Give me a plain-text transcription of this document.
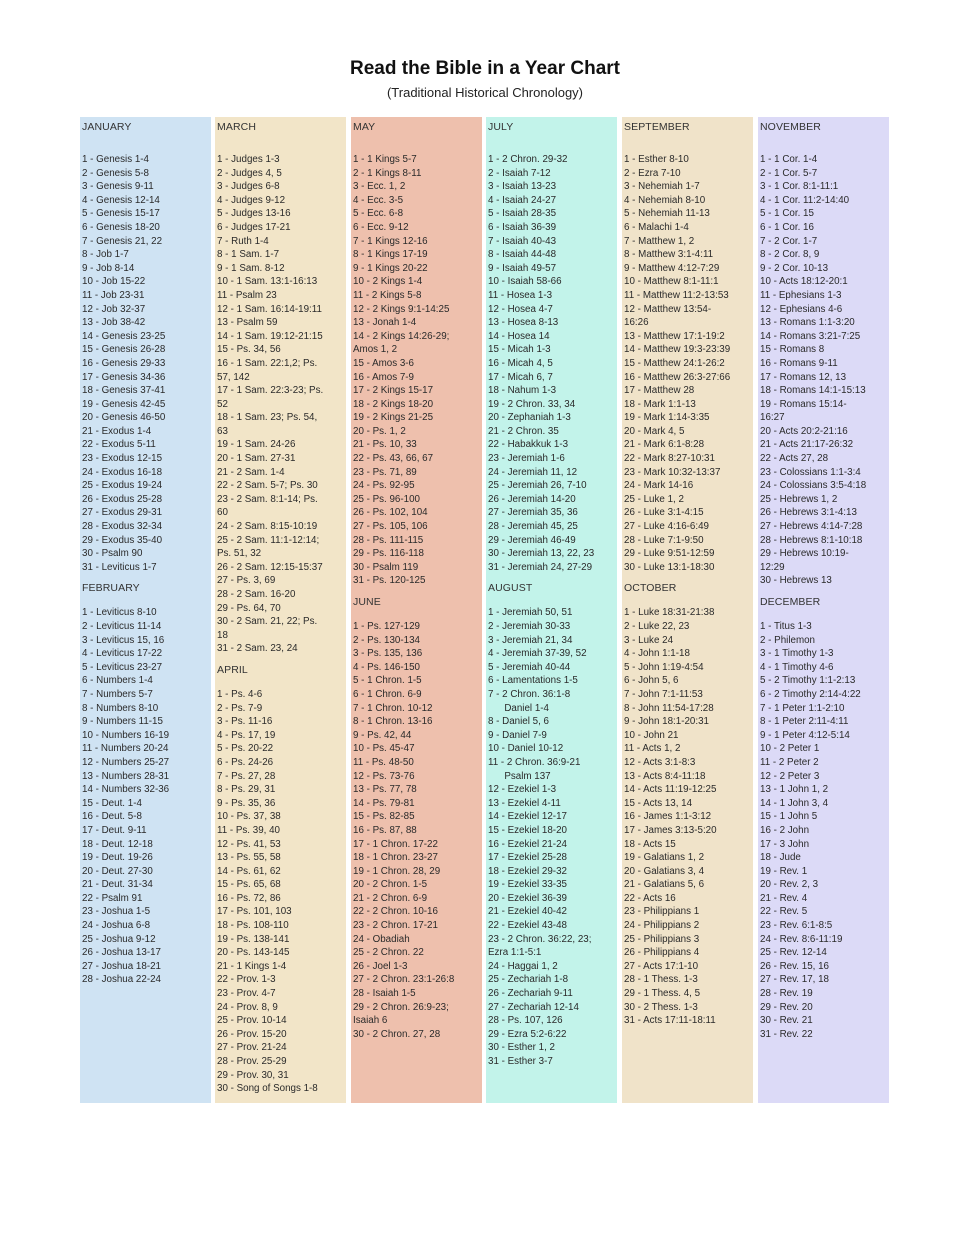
Read the Bible in a Year Chart
(Traditional Historical Chronology)
JANUARY
1 - Genesis 1-4
2 - Genesis 5-8
3 - Genesis 9-11
4 - Genesis 12-14
5 - Genesis 15-17
6 - Genesis 18-20
7 - Genesis 21, 22
8 - Job 1-7
9 - Job 8-14
10 - Job 15-22
11 - Job 23-31
12 - Job 32-37
13 - Job 38-42
14 - Genesis 23-25
15 - Genesis 26-28
16 - Genesis 29-33
17 - Genesis 34-36
18 - Genesis 37-41
19 - Genesis 42-45
20 - Genesis 46-50
21 - Exodus 1-4
22 - Exodus 5-11
23 - Exodus 12-15
24 - Exodus 16-18
25 - Exodus 19-24
26 - Exodus 25-28
27 - Exodus 29-31
28 - Exodus 32-34
29 - Exodus 35-40
30 - Psalm 90
31 - Leviticus 1-7
FEBRUARY
1 - Leviticus 8-10
2 - Leviticus 11-14
3 - Leviticus 15, 16
4 - Leviticus 17-22
5 - Leviticus 23-27
6 - Numbers 1-4
7 - Numbers 5-7
8 - Numbers 8-10
9 - Numbers 11-15
10 - Numbers 16-19
11 - Numbers 20-24
12 - Numbers 25-27
13 - Numbers 28-31
14 - Numbers 32-36
15 - Deut. 1-4
16 - Deut. 5-8
17 - Deut. 9-11
18 - Deut. 12-18
19 - Deut. 19-26
20 - Deut. 27-30
21 - Deut. 31-34
22 - Psalm 91
23 - Joshua 1-5
24 - Joshua 6-8
25 - Joshua 9-12
26 - Joshua 13-17
27 - Joshua 18-21
28 - Joshua 22-24
MARCH
1 - Judges 1-3
2 - Judges 4, 5
3 - Judges 6-8
4 - Judges 9-12
5 - Judges 13-16
6 - Judges 17-21
7 - Ruth 1-4
8 - 1 Sam. 1-7
9 - 1 Sam. 8-12
10 - 1 Sam. 13:1-16:13
11 - Psalm 23
12 - 1 Sam. 16:14-19:11
13 - Psalm 59
14 - 1 Sam. 19:12-21:15
15 - Ps. 34, 56
16 - 1 Sam. 22:1,2; Ps.
57, 142
17 - 1 Sam. 22:3-23; Ps.
52
18 - 1 Sam. 23; Ps. 54,
63
19 - 1 Sam. 24-26
20 - 1 Sam. 27-31
21 - 2 Sam. 1-4
22 - 2 Sam. 5-7; Ps. 30
23 - 2 Sam. 8:1-14; Ps.
60
24 - 2 Sam. 8:15-10:19
25 - 2 Sam. 11:1-12:14;
Ps. 51, 32
26 - 2 Sam. 12:15-15:37
27 - Ps. 3, 69
28 - 2 Sam. 16-20
29 - Ps. 64, 70
30 - 2 Sam. 21, 22; Ps.
18
31 - 2 Sam. 23, 24
APRIL
1 - Ps. 4-6
2 - Ps. 7-9
3 - Ps. 11-16
4 - Ps. 17, 19
5 - Ps. 20-22
6 - Ps. 24-26
7 - Ps. 27, 28
8 - Ps. 29, 31
9 - Ps. 35, 36
10 - Ps. 37, 38
11 - Ps. 39, 40
12 - Ps. 41, 53
13 - Ps. 55, 58
14 - Ps. 61, 62
15 - Ps. 65, 68
16 - Ps. 72, 86
17 - Ps. 101, 103
18 - Ps. 108-110
19 - Ps. 138-141
20 - Ps. 143-145
21 - 1 Kings 1-4
22 - Prov. 1-3
23 - Prov. 4-7
24 - Prov. 8, 9
25 - Prov. 10-14
26 - Prov. 15-20
27 - Prov. 21-24
28 - Prov. 25-29
29 - Prov. 30, 31
30 - Song of Songs 1-8
MAY
1 - 1 Kings 5-7
2 - 1 Kings 8-11
3 - Ecc. 1, 2
4 - Ecc. 3-5
5 - Ecc. 6-8
6 - Ecc. 9-12
7 - 1 Kings 12-16
8 - 1 Kings 17-19
9 - 1 Kings 20-22
10 - 2 Kings 1-4
11 - 2 Kings 5-8
12 - 2 Kings 9:1-14:25
13 - Jonah 1-4
14 - 2 Kings 14:26-29;
Amos 1, 2
15 - Amos 3-6
16 - Amos 7-9
17 - 2 Kings 15-17
18 - 2 Kings 18-20
19 - 2 Kings 21-25
20 - Ps. 1, 2
21 - Ps. 10, 33
22 - Ps. 43, 66, 67
23 - Ps. 71, 89
24 - Ps. 92-95
25 - Ps. 96-100
26 - Ps. 102, 104
27 - Ps. 105, 106
28 - Ps. 111-115
29 - Ps. 116-118
30 - Psalm 119
31 - Ps. 120-125
JUNE
1 - Ps. 127-129
2 - Ps. 130-134
3 - Ps. 135, 136
4 - Ps. 146-150
5 - 1 Chron. 1-5
6 - 1 Chron. 6-9
7 - 1 Chron. 10-12
8 - 1 Chron. 13-16
9 - Ps. 42, 44
10 - Ps. 45-47
11 - Ps. 48-50
12 - Ps. 73-76
13 - Ps. 77, 78
14 - Ps. 79-81
15 - Ps. 82-85
16 - Ps. 87, 88
17 - 1 Chron. 17-22
18 - 1 Chron. 23-27
19 - 1 Chron. 28, 29
20 - 2 Chron. 1-5
21 - 2 Chron. 6-9
22 - 2 Chron. 10-16
23 - 2 Chron. 17-21
24 - Obadiah
25 - 2 Chron. 22
26 - Joel 1-3
27 - 2 Chron. 23:1-26:8
28 - Isaiah 1-5
29 - 2 Chron. 26:9-23;
Isaiah 6
30 - 2 Chron. 27, 28
JULY
1 - 2 Chron. 29-32
2 - Isaiah 7-12
3 - Isaiah 13-23
4 - Isaiah 24-27
5 - Isaiah 28-35
6 - Isaiah 36-39
7 - Isaiah 40-43
8 - Isaiah 44-48
9 - Isaiah 49-57
10 - Isaiah 58-66
11 - Hosea 1-3
12 - Hosea 4-7
13 - Hosea 8-13
14 - Hosea 14
15 - Micah 1-3
16 - Micah 4, 5
17 - Micah 6, 7
18 - Nahum 1-3
19 - 2 Chron. 33, 34
20 - Zephaniah 1-3
21 - 2 Chron. 35
22 - Habakkuk 1-3
23 - Jeremiah 1-6
24 - Jeremiah 11, 12
25 - Jeremiah 26, 7-10
26 - Jeremiah 14-20
27 - Jeremiah 35, 36
28 - Jeremiah 45, 25
29 - Jeremiah 46-49
30 - Jeremiah 13, 22, 23
31 - Jeremiah 24, 27-29
AUGUST
1 - Jeremiah 50, 51
2 - Jeremiah 30-33
3 - Jeremiah 21, 34
4 - Jeremiah 37-39, 52
5 - Jeremiah 40-44
6 - Lamentations 1-5
7 - 2 Chron. 36:1-8
Daniel 1-4
8 - Daniel 5, 6
9 - Daniel 7-9
10 - Daniel 10-12
11 - 2 Chron. 36:9-21
Psalm 137
12 - Ezekiel 1-3
13 - Ezekiel 4-11
14 - Ezekiel 12-17
15 - Ezekiel 18-20
16 - Ezekiel 21-24
17 - Ezekiel 25-28
18 - Ezekiel 29-32
19 - Ezekiel 33-35
20 - Ezekiel 36-39
21 - Ezekiel 40-42
22 - Ezekiel 43-48
23 - 2 Chron. 36:22, 23;
Ezra 1:1-5:1
24 - Haggai 1, 2
25 - Zechariah 1-8
26 - Zechariah 9-11
27 - Zechariah 12-14
28 - Ps. 107, 126
29 - Ezra 5:2-6:22
30 - Esther 1, 2
31 - Esther 3-7
SEPTEMBER
1 - Esther 8-10
2 - Ezra 7-10
3 - Nehemiah 1-7
4 - Nehemiah 8-10
5 - Nehemiah 11-13
6 - Malachi 1-4
7 - Matthew 1, 2
8 - Matthew 3:1-4:11
9 - Matthew 4:12-7:29
10 - Matthew 8:1-11:1
11 - Matthew 11:2-13:53
12 - Matthew 13:54-
16:26
13 - Matthew 17:1-19:2
14 - Matthew 19:3-23:39
15 - Matthew 24:1-26:2
16 - Matthew 26:3-27:66
17 - Matthew 28
18 - Mark 1:1-13
19 - Mark 1:14-3:35
20 - Mark 4, 5
21 - Mark 6:1-8:28
22 - Mark 8:27-10:31
23 - Mark 10:32-13:37
24 - Mark 14-16
25 - Luke 1, 2
26 - Luke 3:1-4:15
27 - Luke 4:16-6:49
28 - Luke 7:1-9:50
29 - Luke 9:51-12:59
30 - Luke 13:1-18:30
OCTOBER
1 - Luke 18:31-21:38
2 - Luke 22, 23
3 - Luke 24
4 - John 1:1-18
5 - John 1:19-4:54
6 - John 5, 6
7 - John 7:1-11:53
8 - John 11:54-17:28
9 - John 18:1-20:31
10 - John 21
11 - Acts 1, 2
12 - Acts 3:1-8:3
13 - Acts 8:4-11:18
14 - Acts 11:19-12:25
15 - Acts 13, 14
16 - James 1:1-3:12
17 - James 3:13-5:20
18 - Acts 15
19 - Galatians 1, 2
20 - Galatians 3, 4
21 - Galatians 5, 6
22 - Acts 16
23 - Philippians 1
24 - Philippians 2
25 - Philippians 3
26 - Philippians 4
27 - Acts 17:1-10
28 - 1 Thess. 1-3
29 - 1 Thess. 4, 5
30 - 2 Thess. 1-3
31 - Acts 17:11-18:11
NOVEMBER
1 - 1 Cor. 1-4
2 - 1 Cor. 5-7
3 - 1 Cor. 8:1-11:1
4 - 1 Cor. 11:2-14:40
5 - 1 Cor. 15
6 - 1 Cor. 16
7 - 2 Cor. 1-7
8 - 2 Cor. 8, 9
9 - 2 Cor. 10-13
10 - Acts 18:12-20:1
11 - Ephesians 1-3
12 - Ephesians 4-6
13 - Romans 1:1-3:20
14 - Romans 3:21-7:25
15 - Romans 8
16 - Romans 9-11
17 - Romans 12, 13
18 - Romans 14:1-15:13
19 - Romans 15:14-
16:27
20 - Acts 20:2-21:16
21 - Acts 21:17-26:32
22 - Acts 27, 28
23 - Colossians 1:1-3:4
24 - Colossians 3:5-4:18
25 - Hebrews 1, 2
26 - Hebrews 3:1-4:13
27 - Hebrews 4:14-7:28
28 - Hebrews 8:1-10:18
29 - Hebrews 10:19-
12:29
30 - Hebrews 13
DECEMBER
1 - Titus 1-3
2 - Philemon
3 - 1 Timothy 1-3
4 - 1 Timothy 4-6
5 - 2 Timothy 1:1-2:13
6 - 2 Timothy 2:14-4:22
7 - 1 Peter 1:1-2:10
8 - 1 Peter 2:11-4:11
9 - 1 Peter 4:12-5:14
10 - 2 Peter 1
11 - 2 Peter 2
12 - 2 Peter 3
13 - 1 John 1, 2
14 - 1 John 3, 4
15 - 1 John 5
16 - 2 John
17 - 3 John
18 - Jude
19 - Rev. 1
20 - Rev. 2, 3
21 - Rev. 4
22 - Rev. 5
23 - Rev. 6:1-8:5
24 - Rev. 8:6-11:19
25 - Rev. 12-14
26 - Rev. 15, 16
27 - Rev. 17, 18
28 - Rev. 19
29 - Rev. 20
30 - Rev. 21
31 - Rev. 22
